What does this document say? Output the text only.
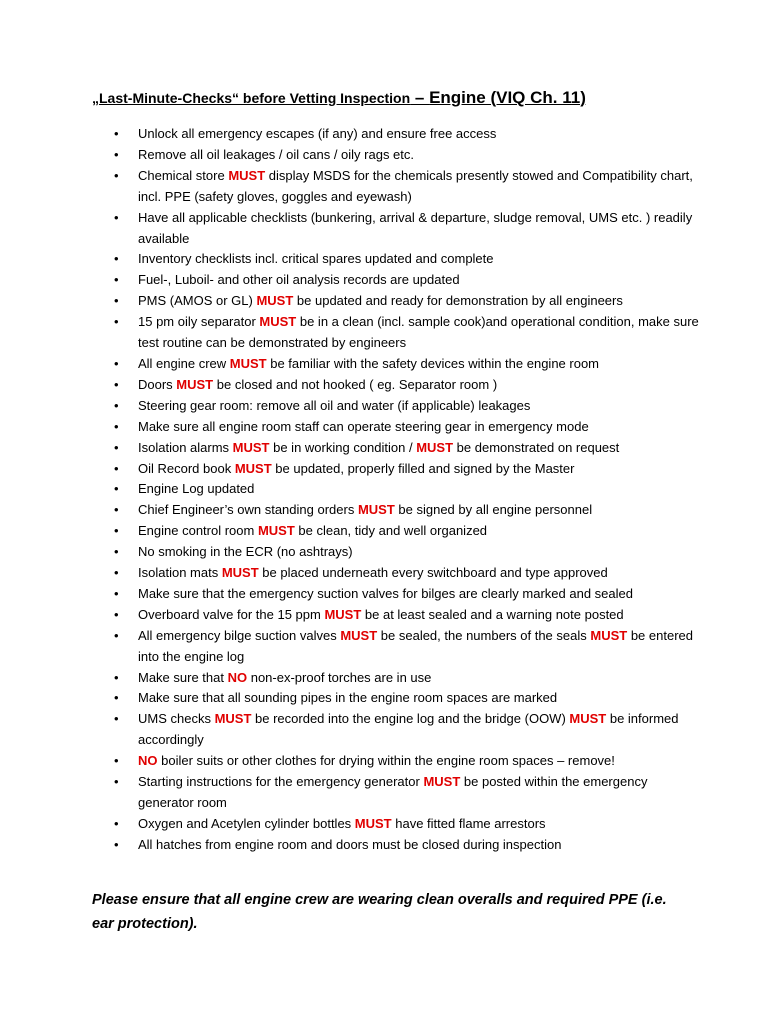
„Last-Minute-Checks“ before Vetting Inspection – Engine (VIQ Ch. 11)
• Unlock all emergency escapes (if any) and ensure free access
• Remove all oil leakages / oil cans / oily rags etc.
• Chemical store MUST display MSDS for the chemicals presently stowed and Compatibility chart, incl. PPE (safety gloves, goggles and eyewash)
• Have all applicable checklists (bunkering, arrival & departure, sludge removal, UMS etc. ) readily available
• Inventory checklists incl. critical spares updated and complete
• Fuel-, Luboil- and other oil analysis records are updated
• PMS (AMOS or GL) MUST be updated and ready for demonstration by all engineers
• 15 pm oily separator MUST be in a clean (incl. sample cook)and operational condition, make sure test routine can be demonstrated by engineers
• All engine crew MUST be familiar with the safety devices within the engine room
• Doors MUST be closed and not hooked ( eg. Separator room )
• Steering gear room: remove all oil and water (if applicable) leakages
• Make sure all engine room staff can operate steering gear in emergency mode
• Isolation alarms MUST be in working condition / MUST be demonstrated on request
• Oil Record book MUST be updated, properly filled and signed by the Master
• Engine Log updated
• Chief Engineer’s own standing orders MUST be signed by all engine personnel
• Engine control room MUST be clean, tidy and well organized
• No smoking in the ECR (no ashtrays)
• Isolation mats MUST be placed underneath every switchboard and type approved
• Make sure that the emergency suction valves for bilges are clearly marked and sealed
• Overboard valve for the 15 ppm MUST be at least sealed and a warning note posted
• All emergency bilge suction valves MUST be sealed, the numbers of the seals MUST be entered into the engine log
• Make sure that NO non-ex-proof torches are in use
• Make sure that all sounding pipes in the engine room spaces are marked
• UMS checks MUST be recorded into the engine log and the bridge (OOW) MUST be informed accordingly
• NO boiler suits or other clothes for drying within the engine room spaces – remove!
• Starting instructions for the emergency generator MUST be posted within the emergency generator room
• Oxygen and Acetylen cylinder bottles MUST have fitted flame arrestors
• All hatches from engine room and doors must be closed during inspection
Please ensure that all engine crew are wearing clean overalls and required PPE (i.e. ear protection).
